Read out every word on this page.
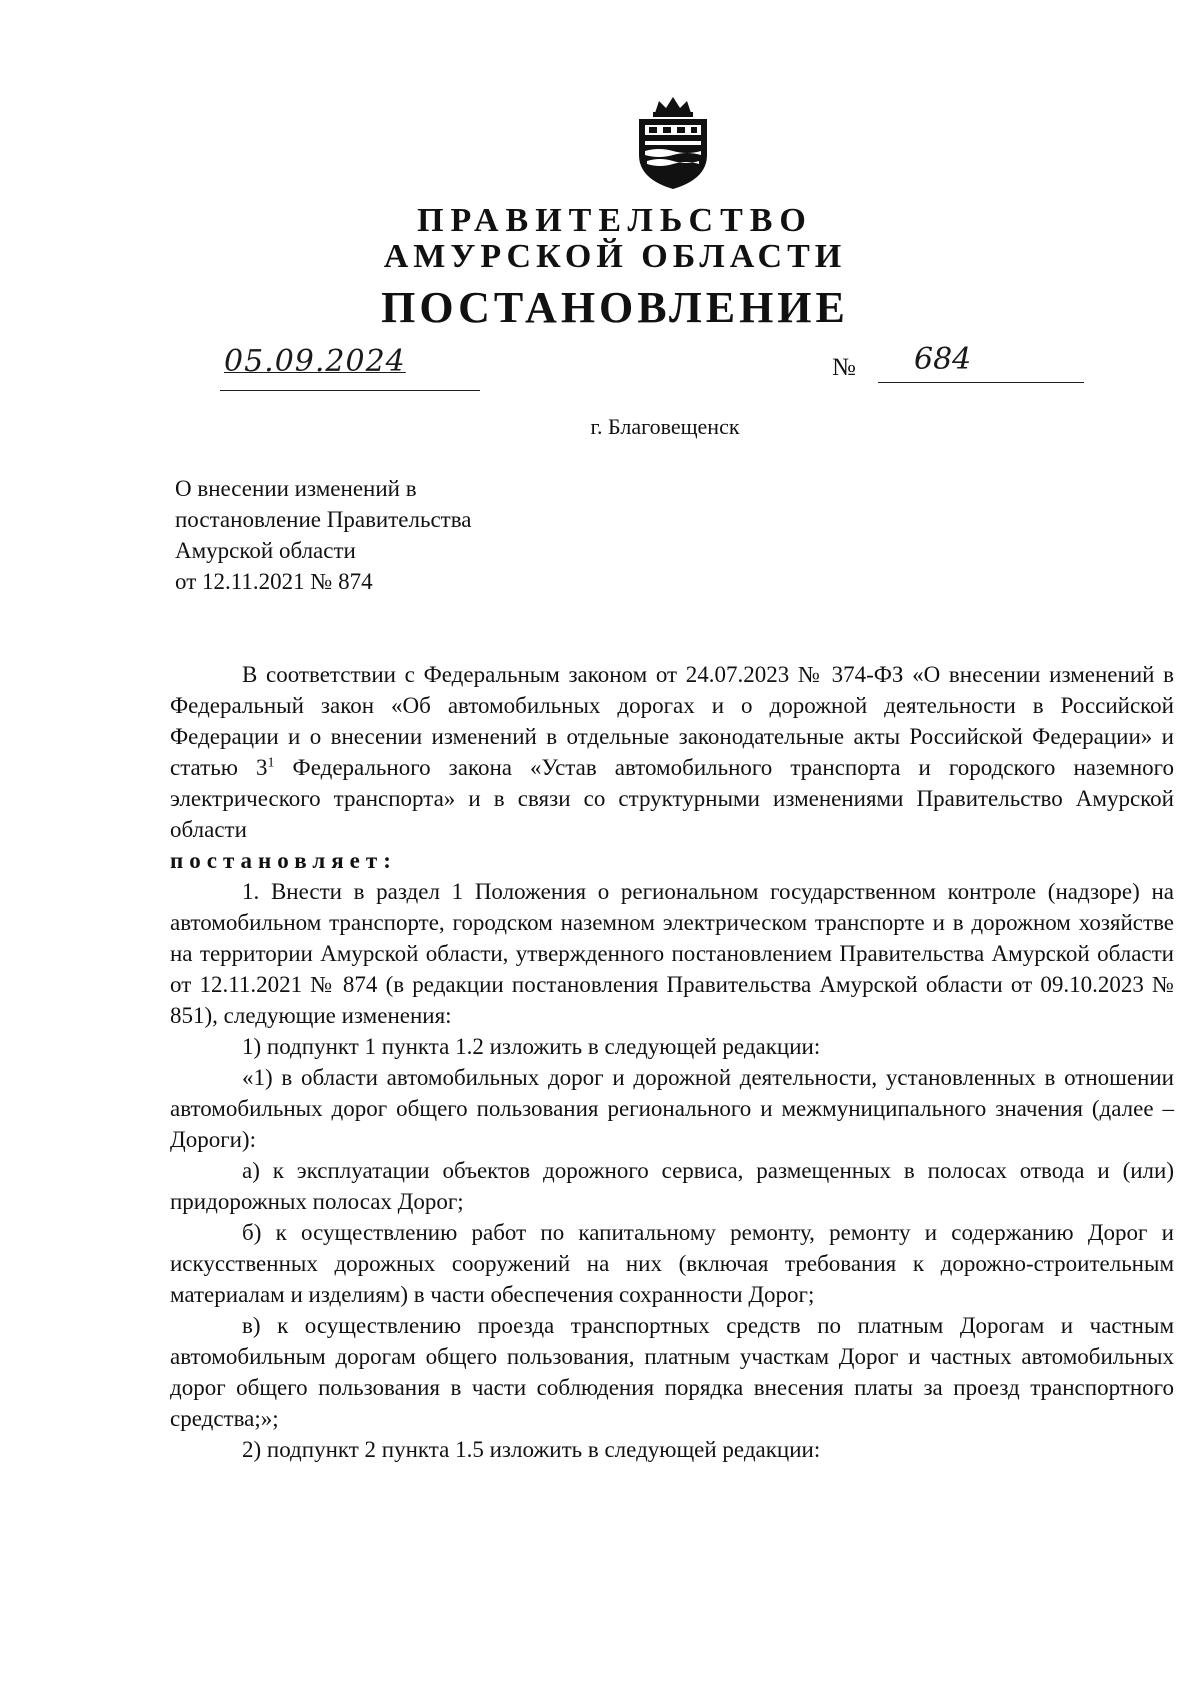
ПРАВИТЕЛЬСТВО
АМУРСКОЙ ОБЛАСТИ
ПОСТАНОВЛЕНИЕ
05.09.2024	№ 684
г. Благовещенск
О внесении изменений в
постановление Правительства
Амурской области
от 12.11.2021 № 874

В соответствии с Федеральным законом от 24.07.2023 № 374-ФЗ «О внесении изменений в Федеральный закон «Об автомобильных дорогах и о дорожной деятельности в Российской Федерации и о внесении изменений в отдельные законодательные акты Российской Федерации» и статью $3^1$ Федерального закона «Устав автомобильного транспорта и городского наземного электрического транспорта» и в связи со структурными изменениями Правительство Амурской области

постановляет:

1. Внести в раздел 1 Положения о региональном государственном контроле (надзоре) на автомобильном транспорте, городском наземном электрическом транспорте и в дорожном хозяйстве на территории Амурской области, утвержденного постановлением Правительства Амурской области от 12.11.2021 № 874 (в редакции постановления Правительства Амурской области от 09.10.2023 № 851), следующие изменения:

1) подпункт 1 пункта 1.2 изложить в следующей редакции:

«1) в области автомобильных дорог и дорожной деятельности, установленных в отношении автомобильных дорог общего пользования регионального и межмуниципального значения (далее – Дороги):

а) к эксплуатации объектов дорожного сервиса, размещенных в полосах отвода и (или) придорожных полосах Дорог;

б) к осуществлению работ по капитальному ремонту, ремонту и содержанию Дорог и искусственных дорожных сооружений на них (включая требования к дорожно-строительным материалам и изделиям) в части обеспечения сохранности Дорог;

в) к осуществлению проезда транспортных средств по платным Дорогам и частным автомобильным дорогам общего пользования, платным участкам Дорог и частных автомобильных дорог общего пользования в части соблюдения порядка внесения платы за проезд транспортного средства;»;

2) подпункт 2 пункта 1.5 изложить в следующей редакции:
